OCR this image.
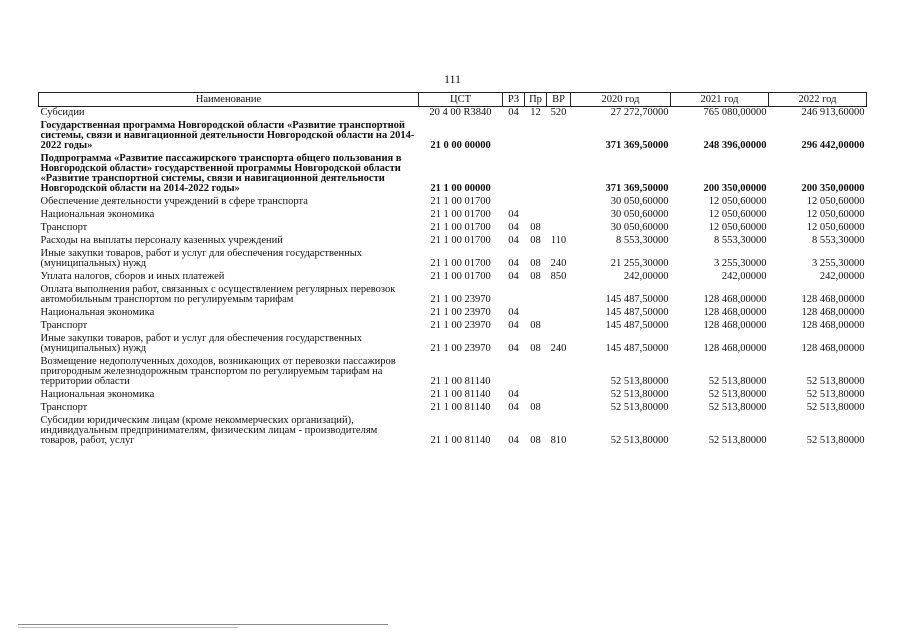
111
Наименование	ЦСТ	РЗ	Пр	ВР	2020 год	2021 год	2022 год
Субсидии	20 4 00 R3840	04	12	520	27 272,70000	765 080,00000	246 913,60000
Государственная программа Новгородской области «Развитие транспортной системы, связи и навигационной деятельности Новгородской области на 2014-2022 годы»	21 0 00 00000				371 369,50000	248 396,00000	296 442,00000
Подпрограмма «Развитие пассажирского транспорта общего пользования в Новгородской области» государственной программы Новгородской области «Развитие транспортной системы, связи и навигационной деятельности Новгородской области на 2014-2022 годы»	21 1 00 00000				371 369,50000	200 350,00000	200 350,00000
Обеспечение деятельности учреждений в сфере транспорта	21 1 00 01700				30 050,60000	12 050,60000	12 050,60000
Национальная экономика	21 1 00 01700	04			30 050,60000	12 050,60000	12 050,60000
Транспорт	21 1 00 01700	04	08		30 050,60000	12 050,60000	12 050,60000
Расходы на выплаты персоналу казенных учреждений	21 1 00 01700	04	08	110	8 553,30000	8 553,30000	8 553,30000
Иные закупки товаров, работ и услуг для обеспечения государственных (муниципальных) нужд	21 1 00 01700	04	08	240	21 255,30000	3 255,30000	3 255,30000
Уплата налогов, сборов и иных платежей	21 1 00 01700	04	08	850	242,00000	242,00000	242,00000
Оплата выполнения работ, связанных с осуществлением регулярных перевозок автомобильным транспортом по регулируемым тарифам	21 1 00 23970				145 487,50000	128 468,00000	128 468,00000
Национальная экономика	21 1 00 23970	04			145 487,50000	128 468,00000	128 468,00000
Транспорт	21 1 00 23970	04	08		145 487,50000	128 468,00000	128 468,00000
Иные закупки товаров, работ и услуг для обеспечения государственных (муниципальных) нужд	21 1 00 23970	04	08	240	145 487,50000	128 468,00000	128 468,00000
Возмещение недополученных доходов, возникающих от перевозки пассажиров пригородным железнодорожным транспортом по регулируемым тарифам на территории области	21 1 00 81140				52 513,80000	52 513,80000	52 513,80000
Национальная экономика	21 1 00 81140	04			52 513,80000	52 513,80000	52 513,80000
Транспорт	21 1 00 81140	04	08		52 513,80000	52 513,80000	52 513,80000
Субсидии юридическим лицам (кроме некоммерческих организаций), индивидуальным предпринимателям, физическим лицам - производителям товаров, работ, услуг	21 1 00 81140	04	08	810	52 513,80000	52 513,80000	52 513,80000
